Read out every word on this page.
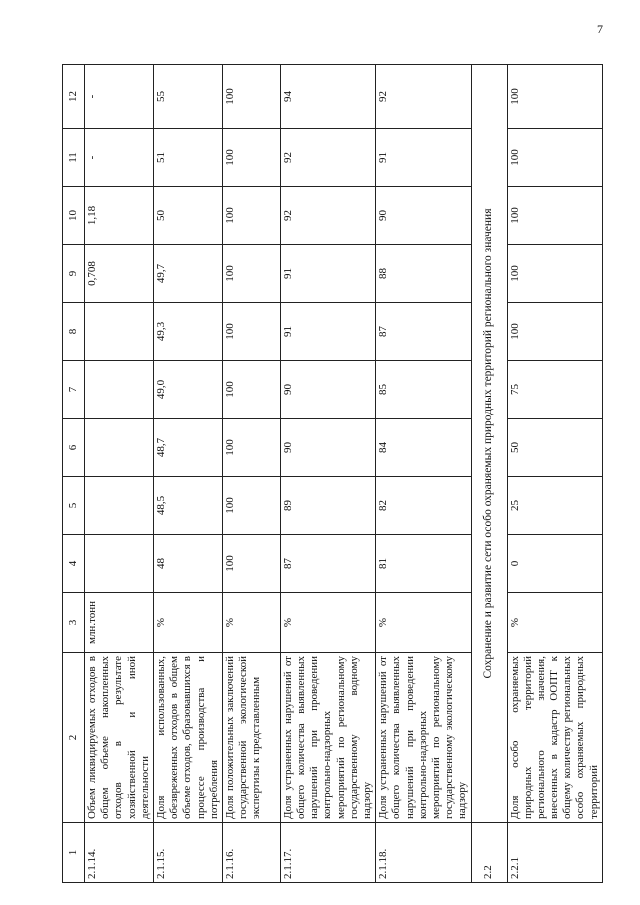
7
1	2	3	4	5	6	7	8	9	10	11	12
2.1.14.	Объем ликвидируемых отходов в общем объеме накопленных отходов в результате хозяйственной и иной деятельности	млн.тонн						0,708	1,18	-	-
2.1.15.	Доля использованных, обезвреженных отходов в общем объеме отходов, образовавшихся в процессе производства и потребления	%	48	48,5	48,7	49,0	49,3	49,7	50	51	55
2.1.16.	Доля положительных заключений государственной экологической экспертизы к представленным	%	100	100	100	100	100	100	100	100	100
2.1.17.	Доля устраненных нарушений от общего количества выявленных нарушений при проведении контрольно-надзорных мероприятий по региональному государственному водному надзору	%	87	89	90	90	91	91	92	92	94
2.1.18.	Доля устраненных нарушений от общего количества выявленных нарушений при проведении контрольно-надзорных мероприятий по региональному государственному экологическому надзору	%	81	82	84	85	87	88	90	91	92
2.2	Сохранение и развитие сети особо охраняемых природных территорий регионального значения										
2.2.1	Доля особо охраняемых природных территорий регионального значения, внесенных в кадастр ООПТ к общему количеству региональных особо охраняемых природных территорий	%	0	25	50	75	100	100	100	100	100
